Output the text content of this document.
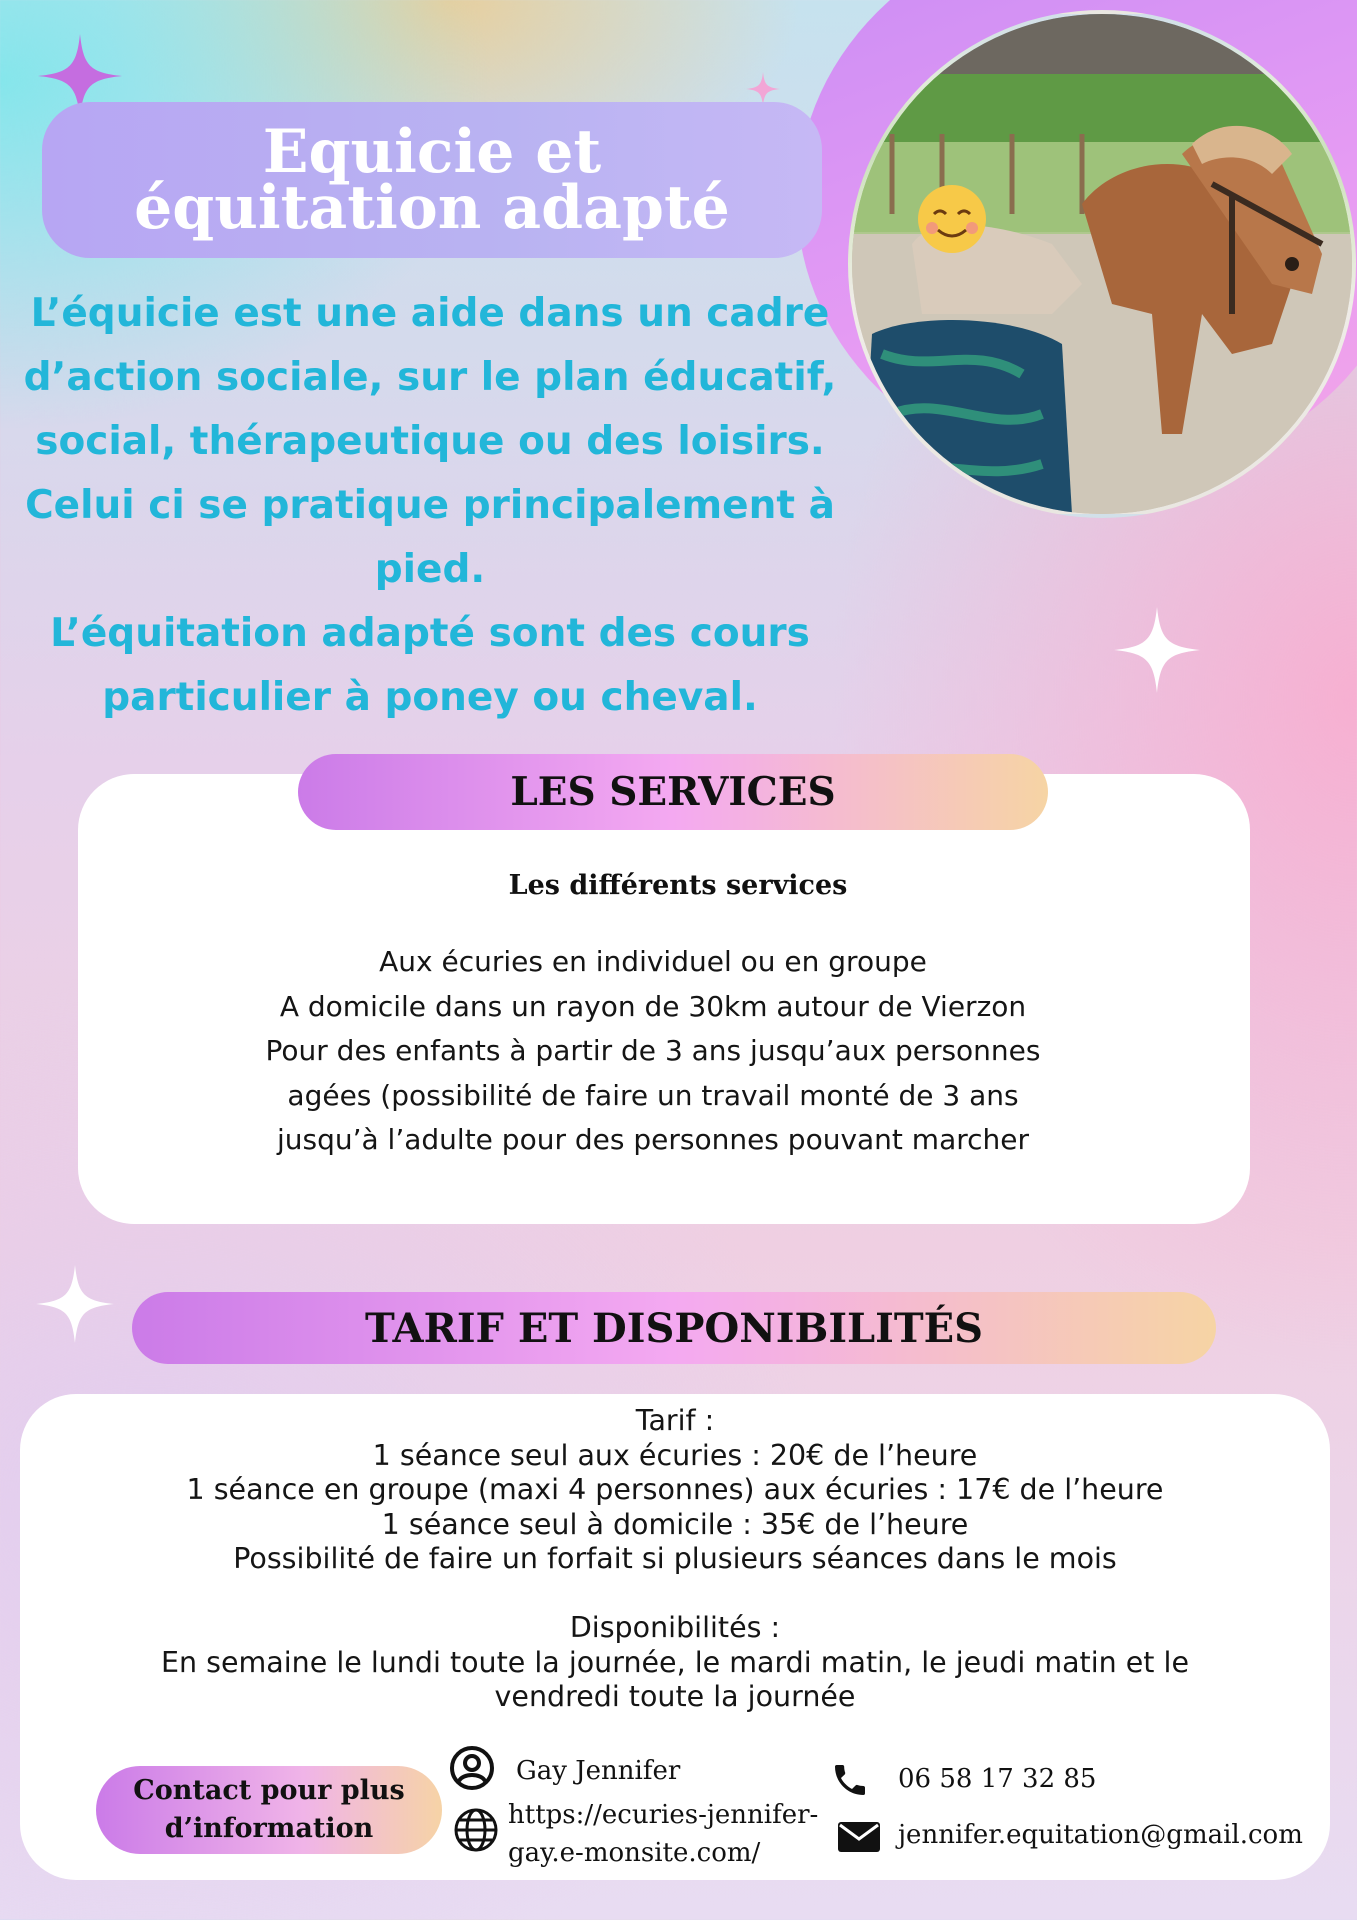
Equicie et équitation adapté

L’équicie est une aide dans un cadre d’action sociale, sur le plan éducatif, social, thérapeutique ou des loisirs. Celui ci se pratique principalement à pied.

L’équitation adapté sont des cours particulier à poney ou cheval.

LES SERVICES
Les différents services
Aux écuries en individuel ou en groupe
A domicile dans un rayon de 30km autour de Vierzon
Pour des enfants à partir de 3 ans jusqu’aux personnes
agées (possibilité de faire un travail monté de 3 ans
jusqu’à l’adulte pour des personnes pouvant marcher
TARIF ET DISPONIBILITÉS
Tarif :
1 séance seul aux écuries : 20€ de l’heure
1 séance en groupe (maxi 4 personnes) aux écuries : 17€ de l’heure
1 séance seul à domicile : 35€ de l’heure
Possibilité de faire un forfait si plusieurs séances dans le mois
Disponibilités :
En semaine le lundi toute la journée, le mardi matin, le jeudi matin et le
vendredi toute la journée
Contact pour plus d’information
Gay Jennifer
https://ecuries-jennifer-
gay.e-monsite.com/
06 58 17 32 85
jennifer.equitation@gmail.com
